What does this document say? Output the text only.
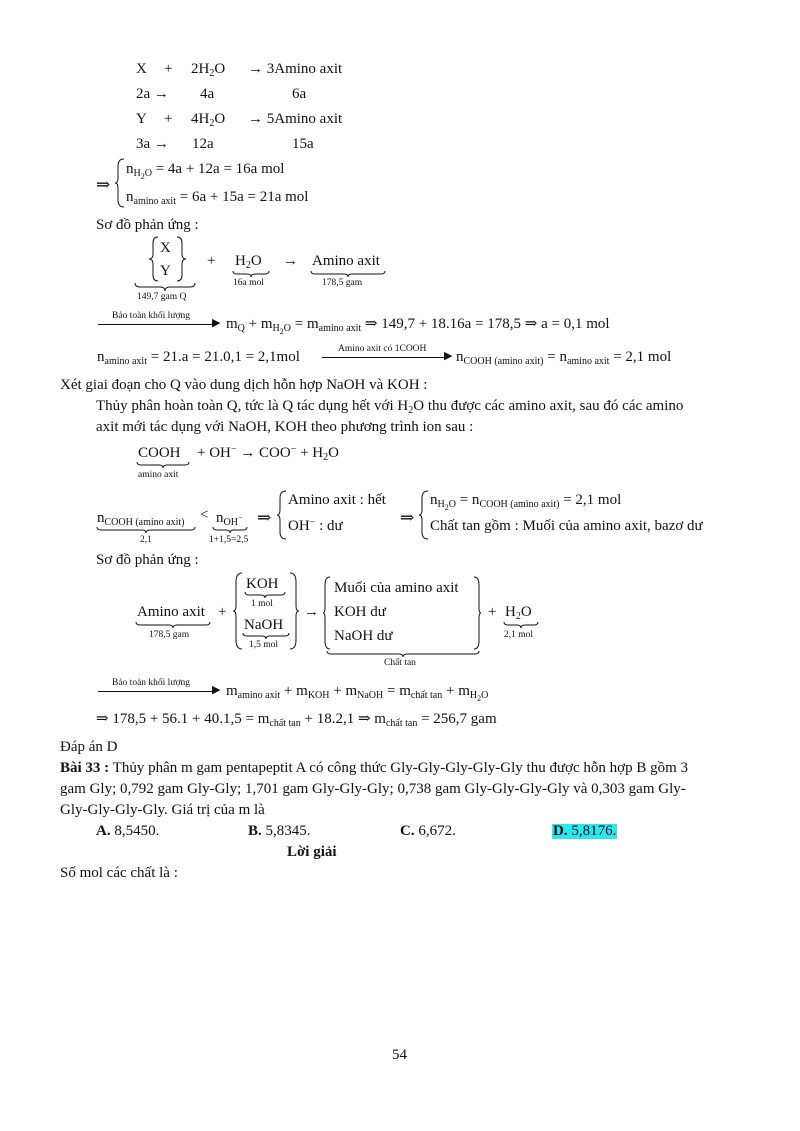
$X + 2H_2O \to 3Amino$ axit
2a → 4a	6a
$Y + 4H_2O \to 5Amino$ axit
3a → 12a	15a
⇒
$n_{H_2O} = 4a + 12a = 16a$ mol
$n_{amino axit} = 6a + 15a = 21a$ mol
Sơ đồ phản ứng :
X
Y
149,7 gam Q
+ $H_2O$
16a mol
→ Amino axit
178,5 gam
Bảo toàn khối lượng
▶ $m_Q + m_{H_2O} = m_{amino axit}$ ⇒ 149,7 + 18.16a = 178,5 ⇒ a = 0,1 mol
$n_{amino axit} = 21.a = 21.0,1 = 2,1mol$	Amino axit có 1COOH
▶ $n_{COOH (amino axit)} = n_{amino axit} = 2,1$ mol
Xét giai đoạn cho Q vào dung dịch hỗn hợp NaOH và KOH :
Thủy phân hoàn toàn Q, tức là Q tác dụng hết với $H_2O$ thu được các amino axit, sau đó các amino
axit mới tác dụng với NaOH, KOH theo phương trình ion sau :
COOH
amino axit
+ $OH^- \to COO^- + H_2O$
$n_{COOH (amino axit)}$
2,1
< $n_{OH^-}$
1+1,5=2,5
⇒
Amino axit : hết
OH− : dư	⇒
$n_{H_2O} = n_{COOH (amino axit)} = 2,1$ mol
Chất tan gồm : Muối của amino axit, bazơ dư
Sơ đồ phản ứng :
Amino axit
178,5 gam
+
KOH
1 mol
NaOH
1,5 mol
→
Muối của amino axit
KOH dư
NaOH dư
Chất tan
+ $H_2O$
2,1 mol
Bảo toàn khối lượng
▶ $m_{amino axit} + m_{KOH} + m_{NaOH} = m_{chất tan} + m_{H_2O}$
⇒ $178,5 + 56.1 + 40.1,5 = m_{chất tan} + 18.2,1$ ⇒ $m_{chất tan} = 256,7$ gam
Đáp án D
Bài 33 : Thủy phân m gam pentapeptit A có công thức Gly-Gly-Gly-Gly-Gly thu được hỗn hợp B gồm 3
gam Gly; 0,792 gam Gly-Gly; 1,701 gam Gly-Gly-Gly; 0,738 gam Gly-Gly-Gly-Gly và 0,303 gam Gly-
Gly-Gly-Gly-Gly. Giá trị của m là
A. 8,5450.	B. 5,8345.	C. 6,672.	D. 5,8176.
Lời giải
Số mol các chất là :
54
